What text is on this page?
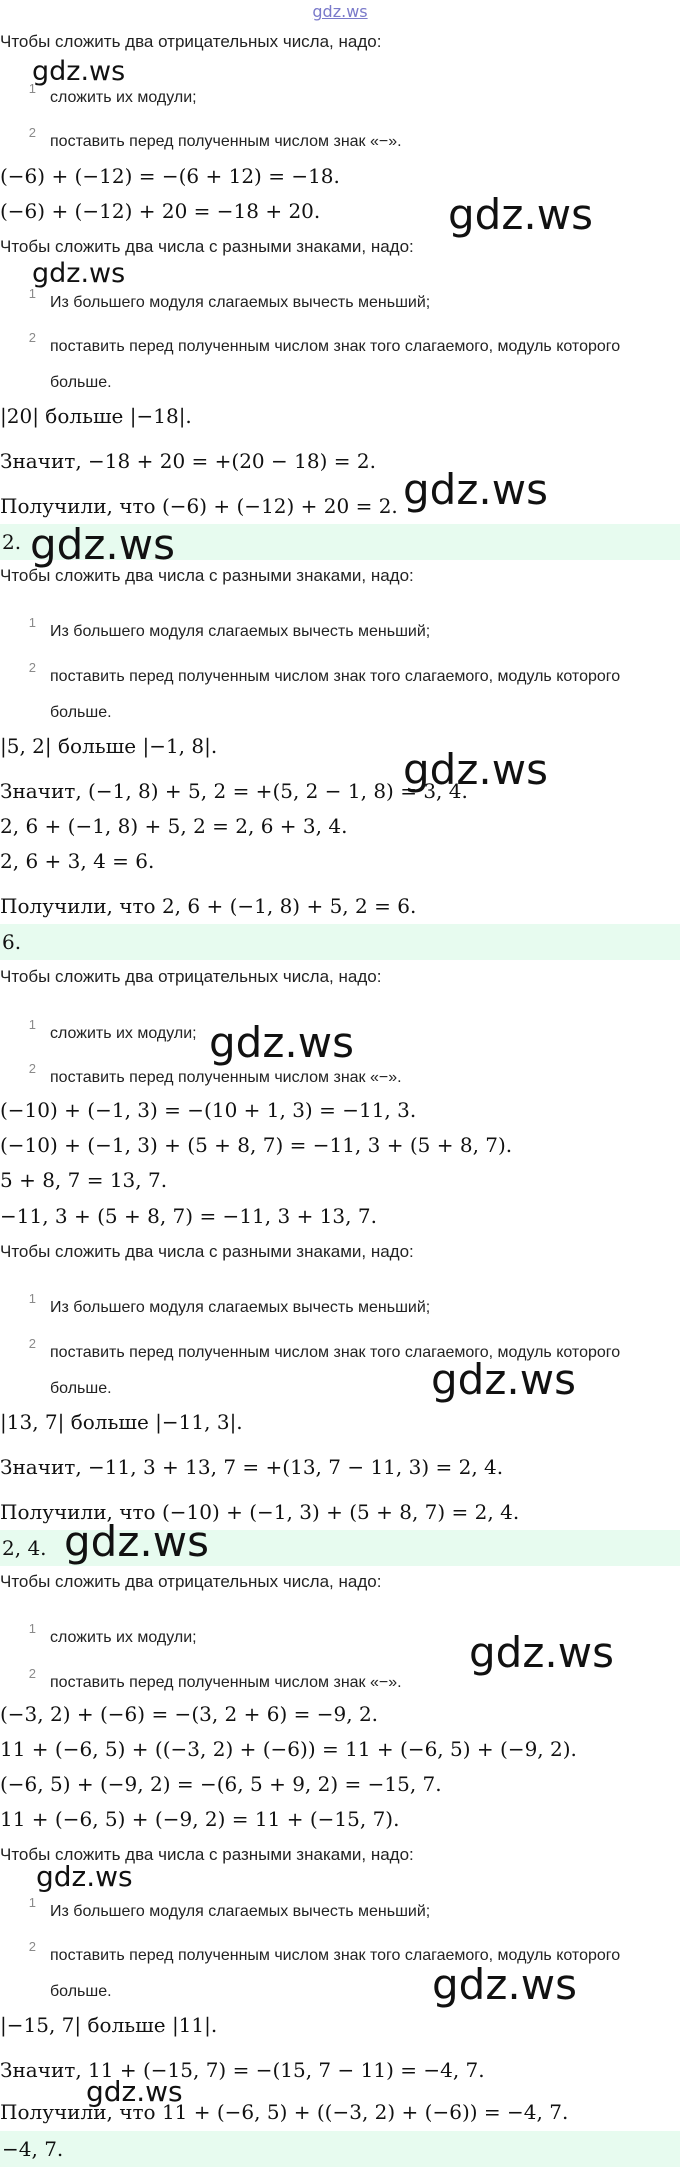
gdz.ws
Чтобы сложить два отрицательных числа, надо:
1сложить их модули;
2поставить перед полученным числом знак «−».
(−6) + (−12) = −(6 + 12) = −18.
(−6) + (−12) + 20 = −18 + 20.
Чтобы сложить два числа с разными знаками, надо:
1Из большего модуля слагаемых вычесть меньший;
2поставить перед полученным числом знак того слагаемого, модуль которого больше.
|20| больше |−18|.
Значит, −18 + 20 = +(20 − 18) = 2.
Получили, что (−6) + (−12) + 20 = 2.
2.
Чтобы сложить два числа с разными знаками, надо:
1Из большего модуля слагаемых вычесть меньший;
2поставить перед полученным числом знак того слагаемого, модуль которого больше.
|5, 2| больше |−1, 8|.
Значит, (−1, 8) + 5, 2 = +(5, 2 − 1, 8) = 3, 4.
2, 6 + (−1, 8) + 5, 2 = 2, 6 + 3, 4.
2, 6 + 3, 4 = 6.
Получили, что 2, 6 + (−1, 8) + 5, 2 = 6.
6.
Чтобы сложить два отрицательных числа, надо:
1сложить их модули;
2поставить перед полученным числом знак «−».
(−10) + (−1, 3) = −(10 + 1, 3) = −11, 3.
(−10) + (−1, 3) + (5 + 8, 7) = −11, 3 + (5 + 8, 7).
5 + 8, 7 = 13, 7.
−11, 3 + (5 + 8, 7) = −11, 3 + 13, 7.
Чтобы сложить два числа с разными знаками, надо:
1Из большего модуля слагаемых вычесть меньший;
2поставить перед полученным числом знак того слагаемого, модуль которого больше.
|13, 7| больше |−11, 3|.
Значит, −11, 3 + 13, 7 = +(13, 7 − 11, 3) = 2, 4.
Получили, что (−10) + (−1, 3) + (5 + 8, 7) = 2, 4.
2, 4.
Чтобы сложить два отрицательных числа, надо:
1сложить их модули;
2поставить перед полученным числом знак «−».
(−3, 2) + (−6) = −(3, 2 + 6) = −9, 2.
11 + (−6, 5) + ((−3, 2) + (−6)) = 11 + (−6, 5) + (−9, 2).
(−6, 5) + (−9, 2) = −(6, 5 + 9, 2) = −15, 7.
11 + (−6, 5) + (−9, 2) = 11 + (−15, 7).
Чтобы сложить два числа с разными знаками, надо:
1Из большего модуля слагаемых вычесть меньший;
2поставить перед полученным числом знак того слагаемого, модуль которого больше.
|−15, 7| больше |11|.
Значит, 11 + (−15, 7) = −(15, 7 − 11) = −4, 7.
Получили, что 11 + (−6, 5) + ((−3, 2) + (−6)) = −4, 7.
−4, 7.
gdz.ws
gdz.ws
gdz.ws
gdz.ws
gdz.ws
gdz.ws
gdz.ws
gdz.ws
gdz.ws
gdz.ws
gdz.ws
gdz.ws
gdz.ws
